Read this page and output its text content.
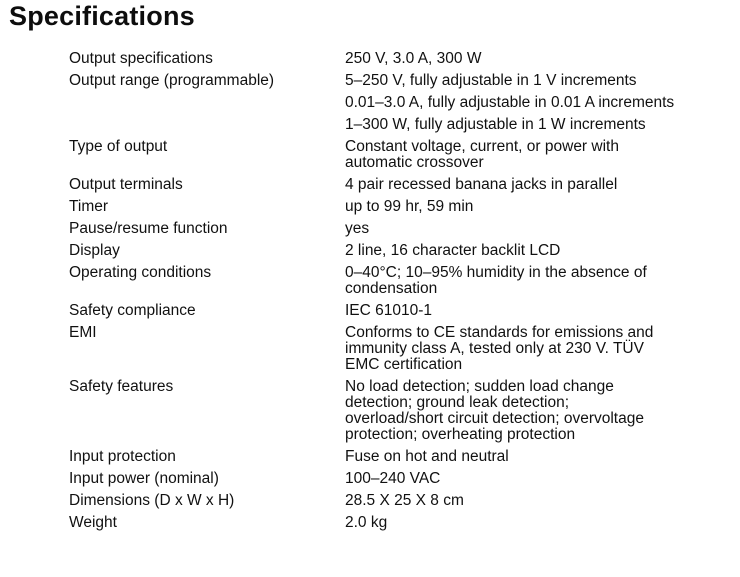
Specifications
Output specifications	250 V, 3.0 A, 300 W
Output range (programmable)	5–250 V, fully adjustable in 1 V increments
0.01–3.0 A, fully adjustable in 0.01 A increments
1–300 W, fully adjustable in 1 W increments
Type of output	Constant voltage, current, or power with
automatic crossover
Output terminals	4 pair recessed banana jacks in parallel
Timer	up to 99 hr, 59 min
Pause/resume function	yes
Display	2 line, 16 character backlit LCD
Operating conditions	0–40°C; 10–95% humidity in the absence of
condensation
Safety compliance	IEC 61010-1
EMI	Conforms to CE standards for emissions and
immunity class A, tested only at 230 V. TÜV
EMC certification
Safety features	No load detection; sudden load change
detection; ground leak detection;
overload/short circuit detection; overvoltage
protection; overheating protection
Input protection	Fuse on hot and neutral
Input power (nominal)	100–240 VAC
Dimensions (D x W x H)	28.5 X 25 X 8 cm
Weight	2.0 kg
